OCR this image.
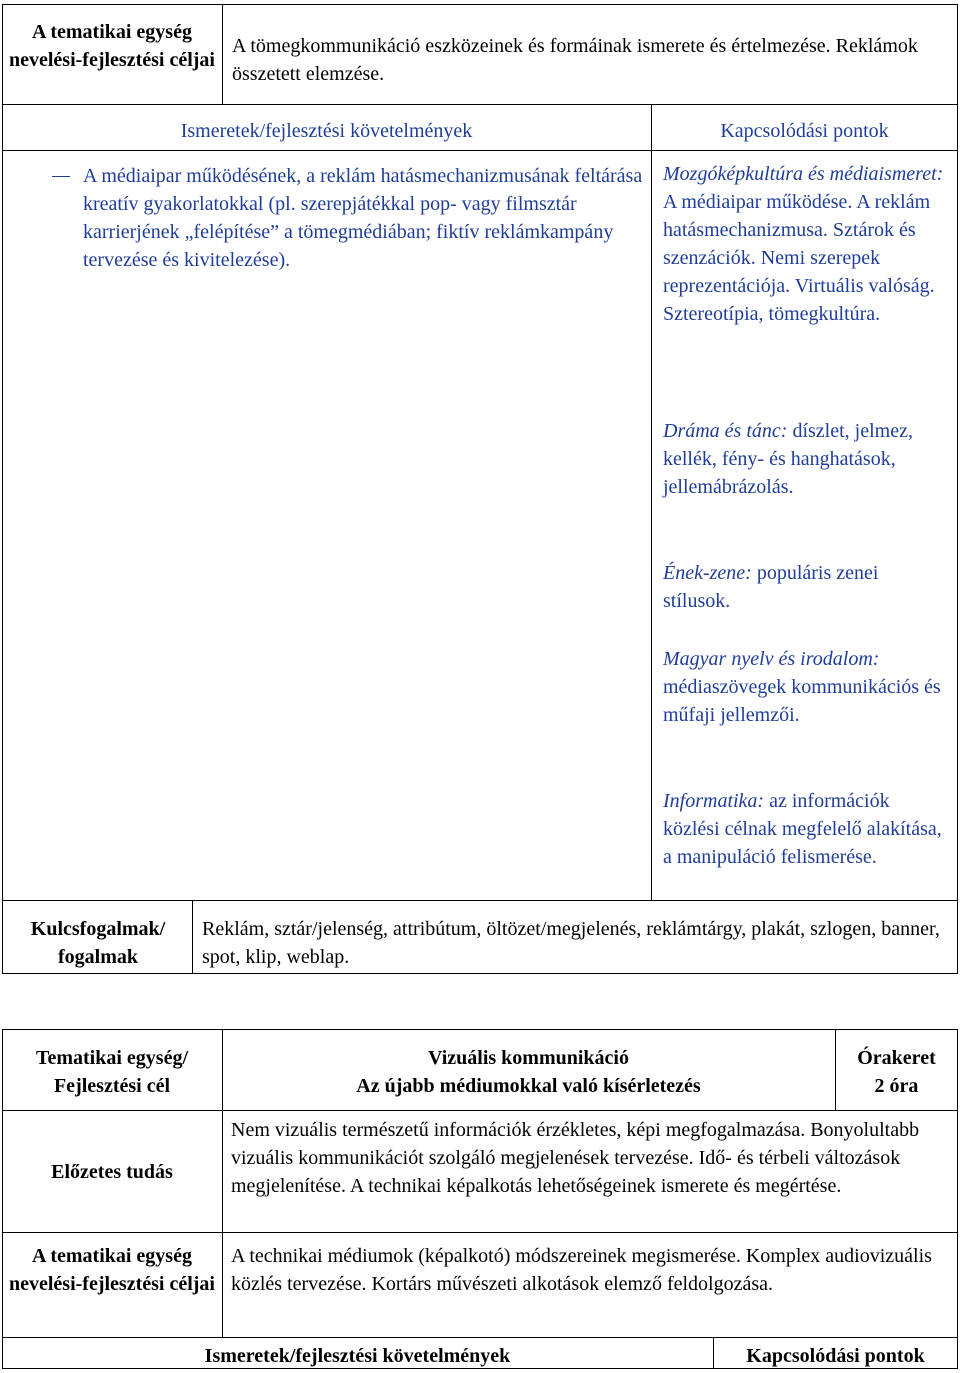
A tematikai egység nevelési-fejlesztési céljai
A tömegkommunikáció eszközeinek és formáinak ismerete és értelmezése. Reklámok összetett elemzése.
Ismeretek/fejlesztési követelmények	Kapcsolódási pontok
A médiaipar működésének, a reklám hatásmechanizmusának feltárása kreatív gyakorlatokkal (pl. szerepjátékkal pop- vagy filmsztár karrierjének „felépítése” a tömegmédiában; fiktív reklámkampány tervezése és kivitelezése).
Mozgóképkultúra és médiaismeret: A médiaipar működése. A reklám hatásmechanizmusa. Sztárok és szenzációk. Nemi szerepek reprezentációja. Virtuális valóság. Sztereotípia, tömegkultúra.
Dráma és tánc: díszlet, jelmez, kellék, fény- és hanghatások, jellemábrázolás.
Ének-zene: populáris zenei stílusok.
Magyar nyelv és irodalom: médiaszövegek kommunikációs és műfaji jellemzői.
Informatika: az információk közlési célnak megfelelő alakítása, a manipuláció felismerése.
Kulcsfogalmak/ fogalmak
Reklám, sztár/jelenség, attribútum, öltözet/megjelenés, reklámtárgy, plakát, szlogen, banner, spot, klip, weblap.
Tematikai egység/ Fejlesztési cél
Vizuális kommunikáció
Az újabb médiumokkal való kísérletezés
Órakeret
2 óra
Előzetes tudás
Nem vizuális természetű információk érzékletes, képi megfogalmazása. Bonyolultabb vizuális kommunikációt szolgáló megjelenések tervezése. Idő- és térbeli változások megjelenítése. A technikai képalkotás lehetőségeinek ismerete és megértése.
A tematikai egység nevelési-fejlesztési céljai
A technikai médiumok (képalkotó) módszereinek megismerése. Komplex audiovizuális közlés tervezése. Kortárs művészeti alkotások elemző feldolgozása.
Ismeretek/fejlesztési követelmények	Kapcsolódási pontok
